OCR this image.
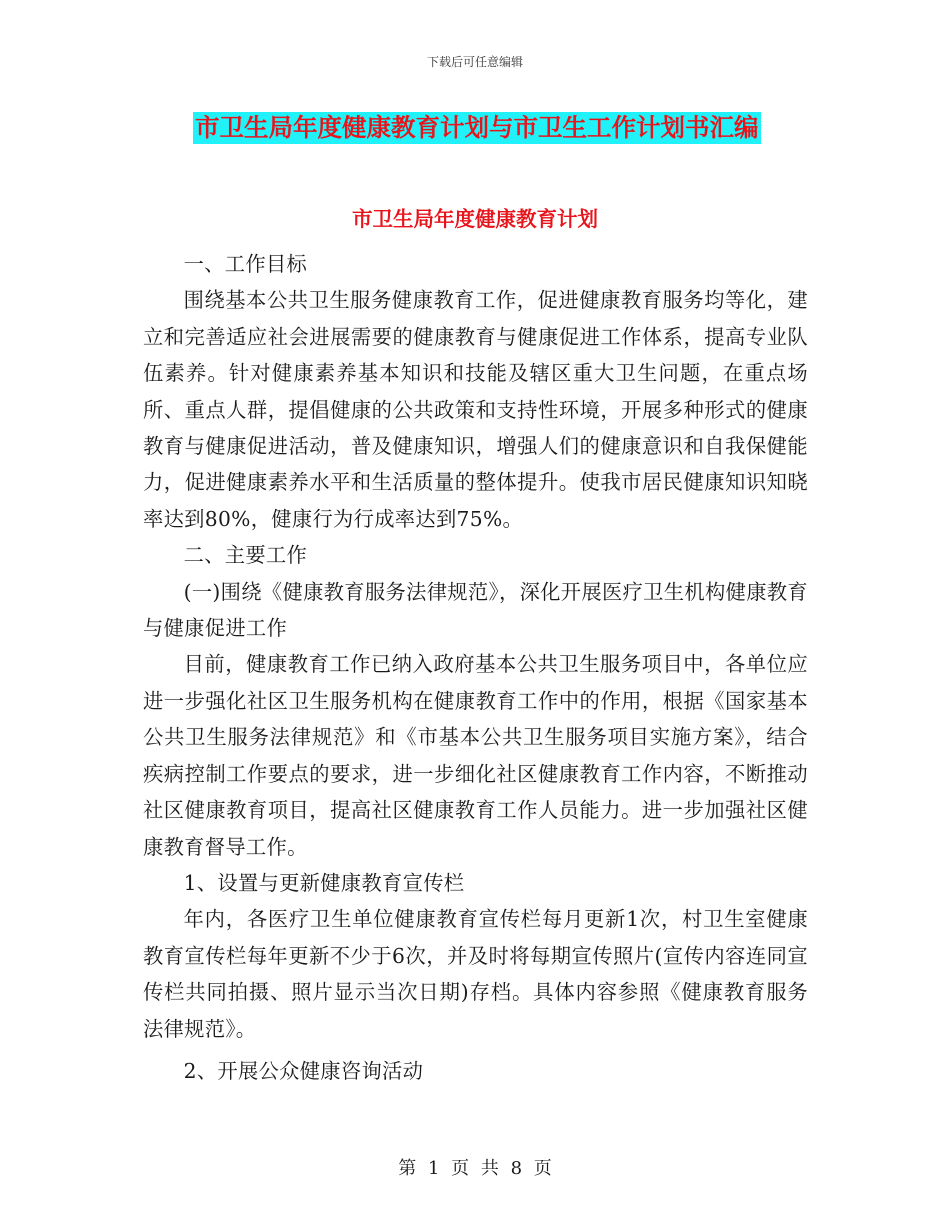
下载后可任意编辑
市卫生局年度健康教育计划与市卫生工作计划书汇编
市卫生局年度健康教育计划

一、工作目标

围绕基本公共卫生服务健康教育工作，促进健康教育服务均等化，建立和完善适应社会进展需要的健康教育与健康促进工作体系，提高专业队伍素养。针对健康素养基本知识和技能及辖区重大卫生问题，在重点场所、重点人群，提倡健康的公共政策和支持性环境，开展多种形式的健康教育与健康促进活动，普及健康知识，增强人们的健康意识和自我保健能力，促进健康素养水平和生活质量的整体提升。使我市居民健康知识知晓率达到80%，健康行为行成率达到75%。

二、主要工作

(一)围绕《健康教育服务法律规范》，深化开展医疗卫生机构健康教育与健康促进工作

目前，健康教育工作已纳入政府基本公共卫生服务项目中，各单位应进一步强化社区卫生服务机构在健康教育工作中的作用，根据《国家基本公共卫生服务法律规范》和《市基本公共卫生服务项目实施方案》，结合疾病控制工作要点的要求，进一步细化社区健康教育工作内容，不断推动社区健康教育项目，提高社区健康教育工作人员能力。进一步加强社区健康教育督导工作。

1、设置与更新健康教育宣传栏

年内，各医疗卫生单位健康教育宣传栏每月更新1次，村卫生室健康教育宣传栏每年更新不少于6次，并及时将每期宣传照片(宣传内容连同宣传栏共同拍摄、照片显示当次日期)存档。具体内容参照《健康教育服务法律规范》。

2、开展公众健康咨询活动

第 1 页 共 8 页
